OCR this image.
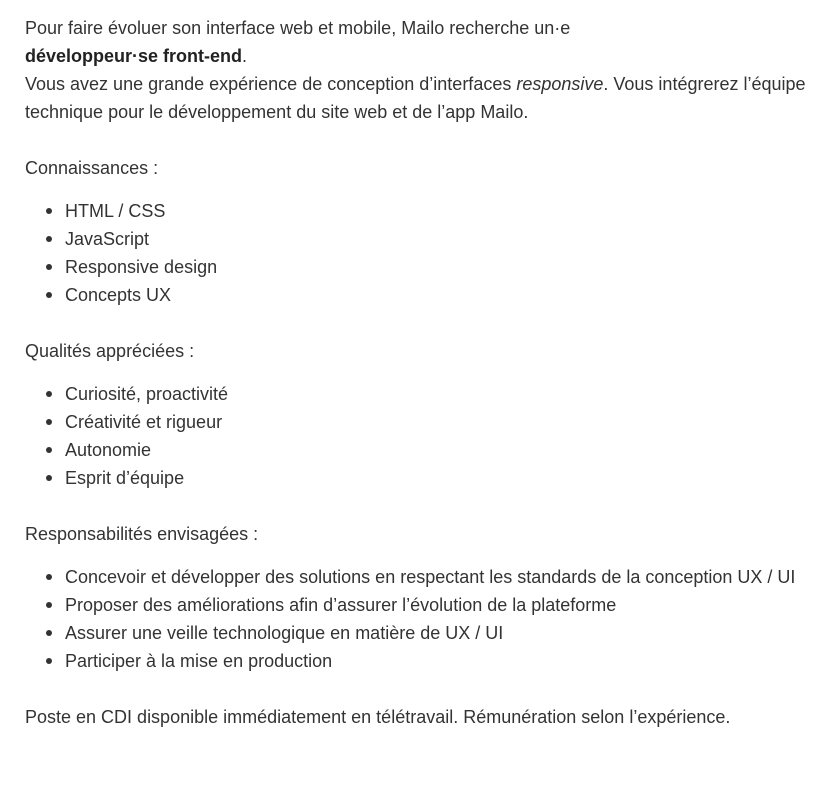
Pour faire évoluer son interface web et mobile, Mailo recherche un·e
développeur·se front-end.
Vous avez une grande expérience de conception d’interfaces responsive. Vous intégrerez l’équipe technique pour le développement du site web et de l’app Mailo.

Connaissances :

HTML / CSS
JavaScript
Responsive design
Concepts UX

Qualités appréciées :

Curiosité, proactivité
Créativité et rigueur
Autonomie
Esprit d’équipe

Responsabilités envisagées :

Concevoir et développer des solutions en respectant les standards de la conception UX / UI
Proposer des améliorations afin d’assurer l’évolution de la plateforme
Assurer une veille technologique en matière de UX / UI
Participer à la mise en production

Poste en CDI disponible immédiatement en télétravail. Rémunération selon l’expérience.
